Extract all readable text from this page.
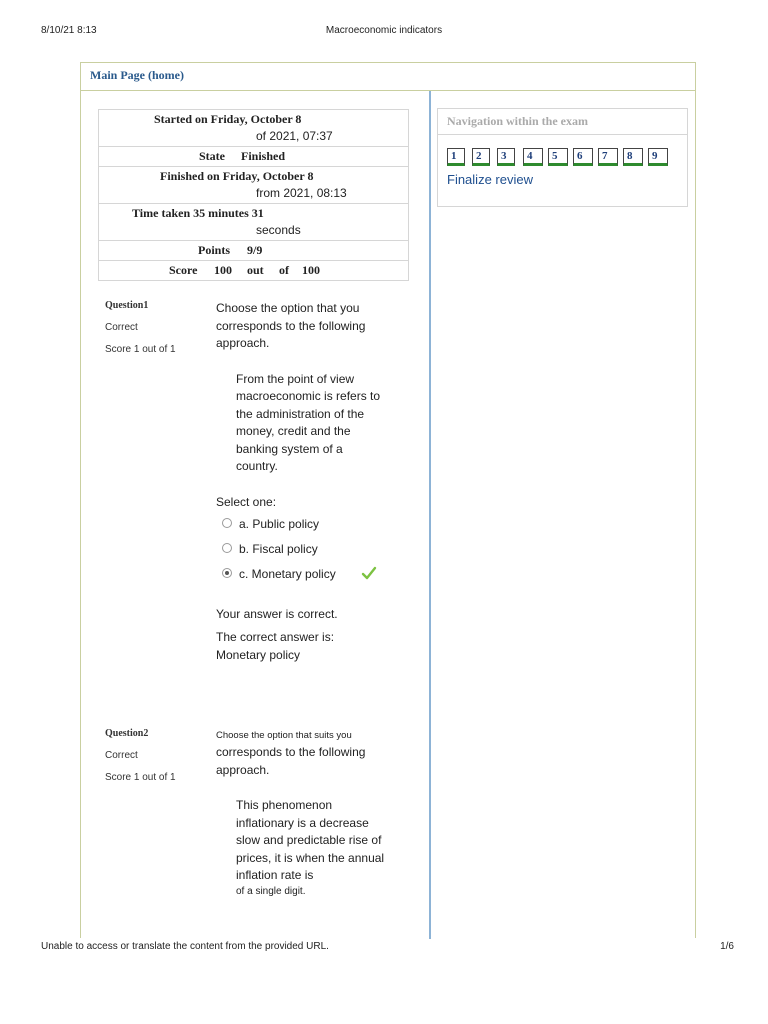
8/10/21 8:13	Macroeconomic indicators
Main Page (home)
Started on Friday, October 8
of 2021, 07:37

State Finished

Finished on Friday, October 8
from 2021, 08:13

Time taken 35 minutes 31
seconds

Points 9/9

Score 100 out of 100
Question1
Correct
Score 1 out of 1
Choose the option that you corresponds to the following approach.
From the point of view macroeconomic is refers to the administration of the money, credit and the banking system of a country.
Select one:
a. Public policy
b. Fiscal policy
c. Monetary policy
Your answer is correct.
The correct answer is: Monetary policy
Question2
Correct
Score 1 out of 1
Choose the option that suits you
corresponds to the following approach.
This phenomenon inflationary is a decrease slow and predictable rise of prices, it is when the annual inflation rate is
of a single digit.
Navigation within the exam
1	2	3	4	5	6	7	8	9
Finalize review
Unable to access or translate the content from the provided URL.	1/6
